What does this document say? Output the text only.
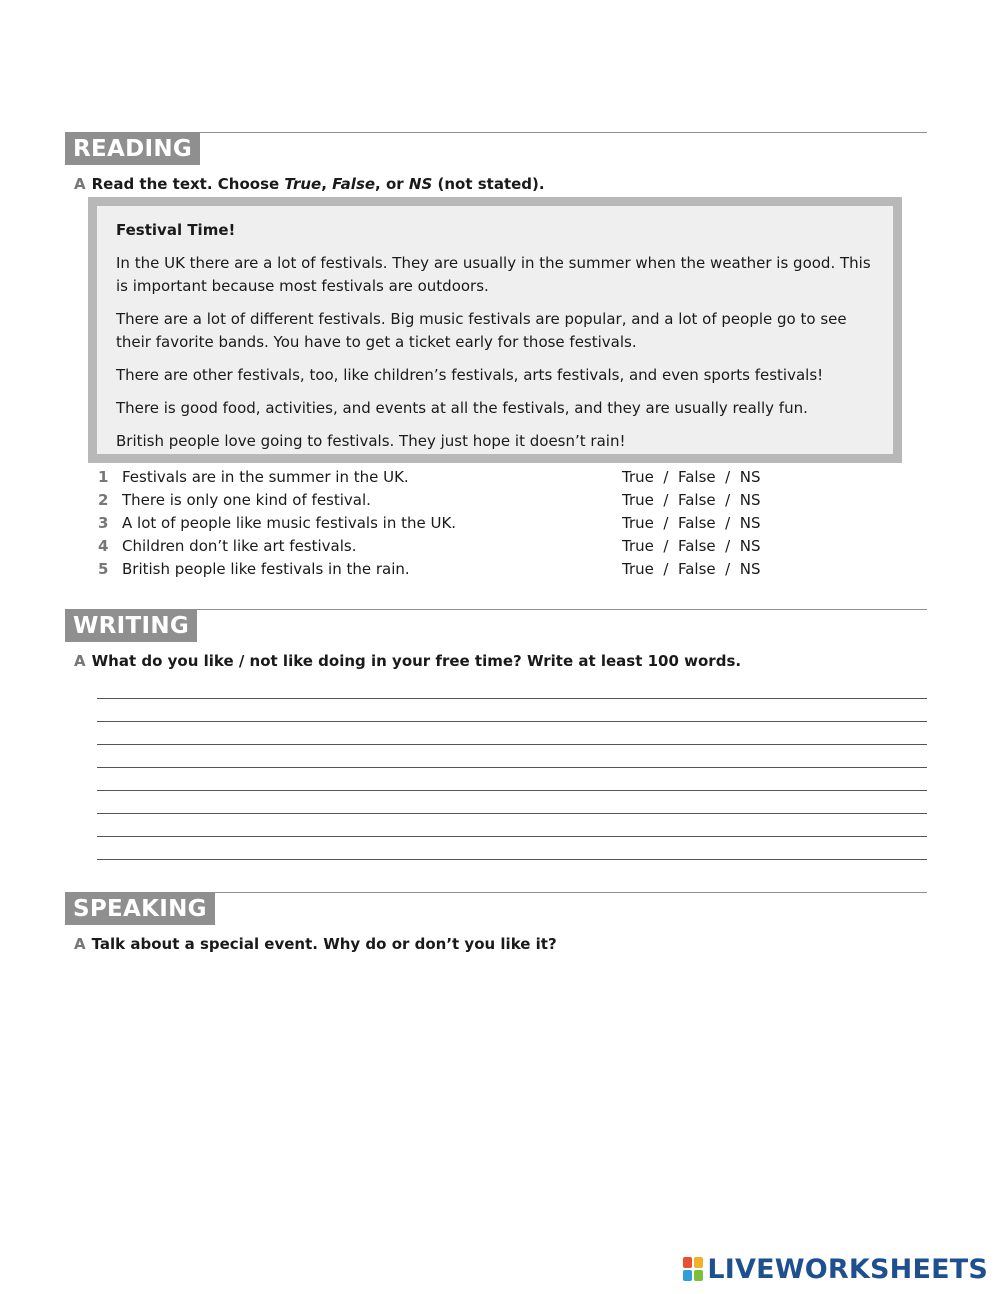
READING
A Read the text. Choose True, False, or NS (not stated).

Festival Time!

In the UK there are a lot of festivals. They are usually in the summer when the weather is good. This is important because most festivals are outdoors.

There are a lot of different festivals. Big music festivals are popular, and a lot of people go to see their favorite bands. You have to get a ticket early for those festivals.

There are other festivals, too, like children’s festivals, arts festivals, and even sports festivals!

There is good food, activities, and events at all the festivals, and they are usually really fun.

British people love going to festivals. They just hope it doesn’t rain!

1 Festivals are in the summer in the UK.	True  /  False  /  NS
2 There is only one kind of festival.	True  /  False  /  NS
3 A lot of people like music festivals in the UK.	True  /  False  /  NS
4 Children don’t like art festivals.	True  /  False  /  NS
5 British people like festivals in the rain.	True  /  False  /  NS
WRITING
A What do you like / not like doing in your free time? Write at least 100 words.
SPEAKING
A Talk about a special event. Why do or don’t you like it?
LIVEWORKSHEETS
